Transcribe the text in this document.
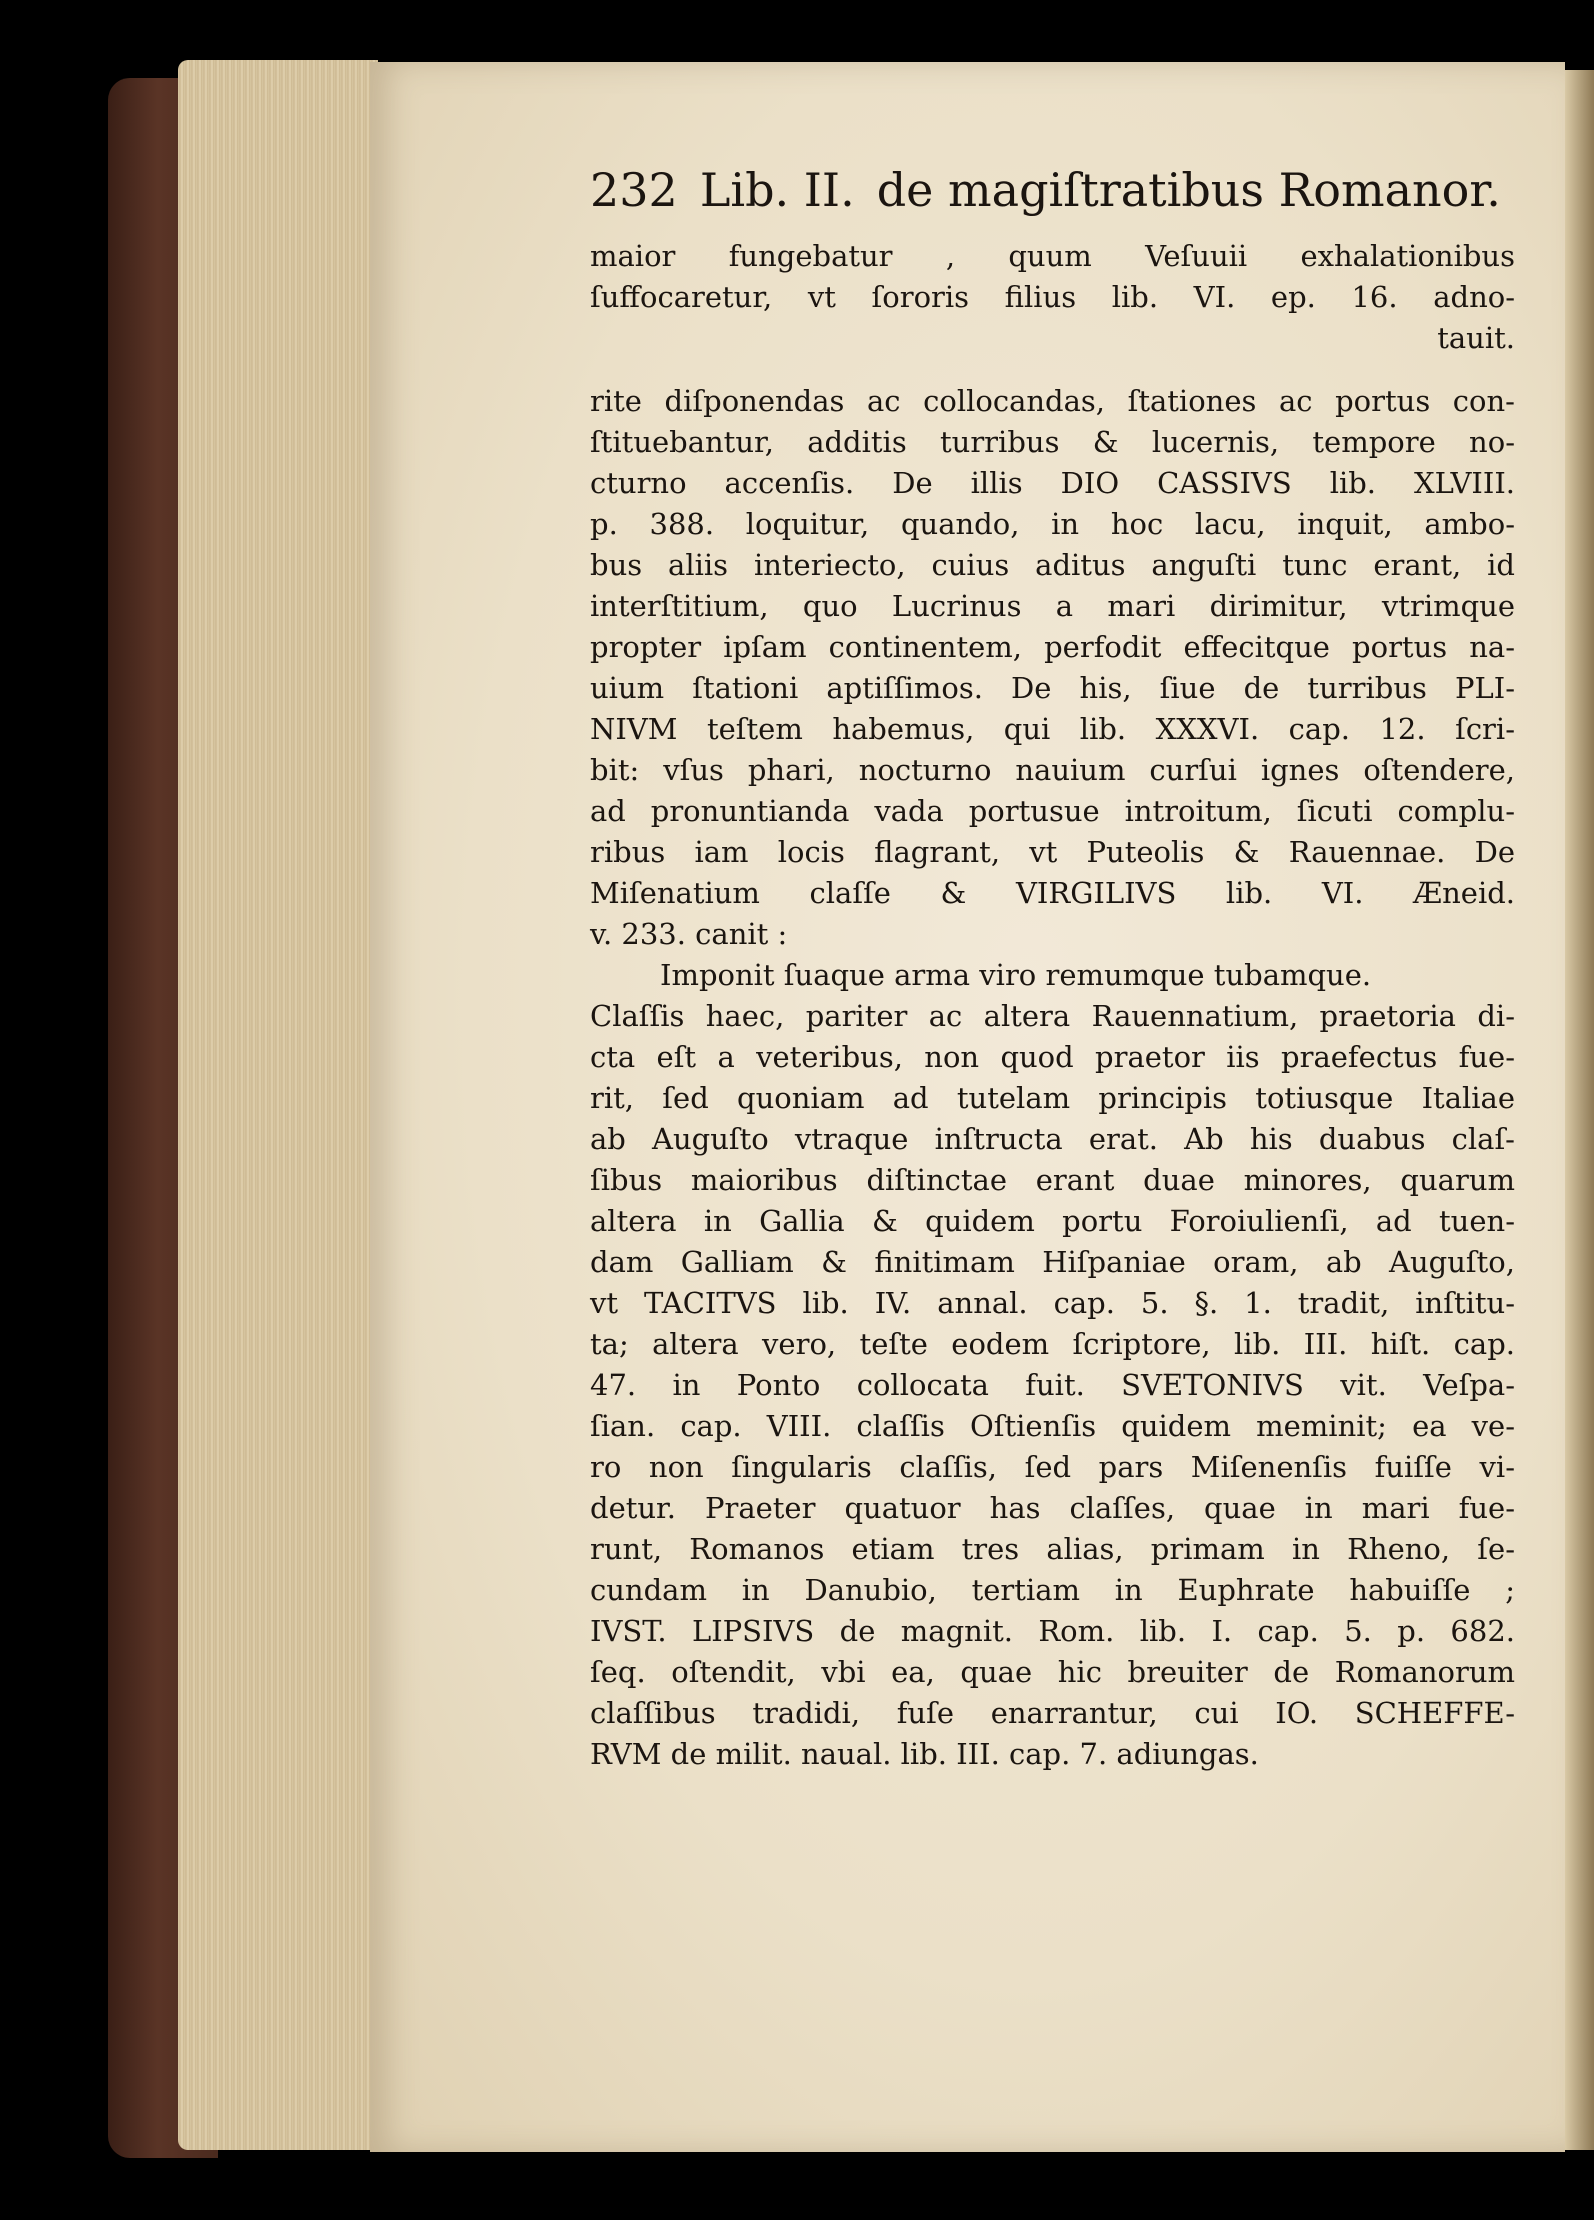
232 Lib. II. de magiſtratibus Romanor.
maior fungebatur , quum Veſuuii exhalationibus
ſuffocaretur, vt ſororis filius lib. VI. ep. 16. adno-
tauit.
rite diſponendas ac collocandas, ſtationes ac portus con-
ſtituebantur, additis turribus & lucernis, tempore no-
cturno accenſis. De illis DIO CASSIVS lib. XLVIII.
p. 388. loquitur, quando, in hoc lacu, inquit, ambo-
bus aliis interiecto, cuius aditus anguſti tunc erant, id
interſtitium, quo Lucrinus a mari dirimitur, vtrimque
propter ipſam continentem, perfodit effecitque portus na-
uium ſtationi aptiſſimos. De his, ſiue de turribus PLI-
NIVM teſtem habemus, qui lib. XXXVI. cap. 12. ſcri-
bit: vſus phari, nocturno nauium curſui ignes oſtendere,
ad pronuntianda vada portusue introitum, ſicuti complu-
ribus iam locis flagrant, vt Puteolis & Rauennae. De
Miſenatium claſſe & VIRGILIVS lib. VI. Æneid.
v. 233. canit :
Imponit ſuaque arma viro remumque tubamque.
Claſſis haec, pariter ac altera Rauennatium, praetoria di-
cta eſt a veteribus, non quod praetor iis praefectus fue-
rit, ſed quoniam ad tutelam principis totiusque Italiae
ab Auguſto vtraque inſtructa erat. Ab his duabus claſ-
ſibus maioribus diſtinctae erant duae minores, quarum
altera in Gallia & quidem portu Foroiulienſi, ad tuen-
dam Galliam & finitimam Hiſpaniae oram, ab Auguſto,
vt TACITVS lib. IV. annal. cap. 5. §. 1. tradit, inſtitu-
ta; altera vero, teſte eodem ſcriptore, lib. III. hiſt. cap.
47. in Ponto collocata fuit. SVETONIVS vit. Veſpa-
ſian. cap. VIII. claſſis Oſtienſis quidem meminit; ea ve-
ro non ſingularis claſſis, ſed pars Miſenenſis fuiſſe vi-
detur. Praeter quatuor has claſſes, quae in mari fue-
runt, Romanos etiam tres alias, primam in Rheno, ſe-
cundam in Danubio, tertiam in Euphrate habuiſſe ;
IVST. LIPSIVS de magnit. Rom. lib. I. cap. 5. p. 682.
ſeq. oſtendit, vbi ea, quae hic breuiter de Romanorum
claſſibus tradidi, fuſe enarrantur, cui IO. SCHEFFE-
RVM de milit. naual. lib. III. cap. 7. adiungas.
